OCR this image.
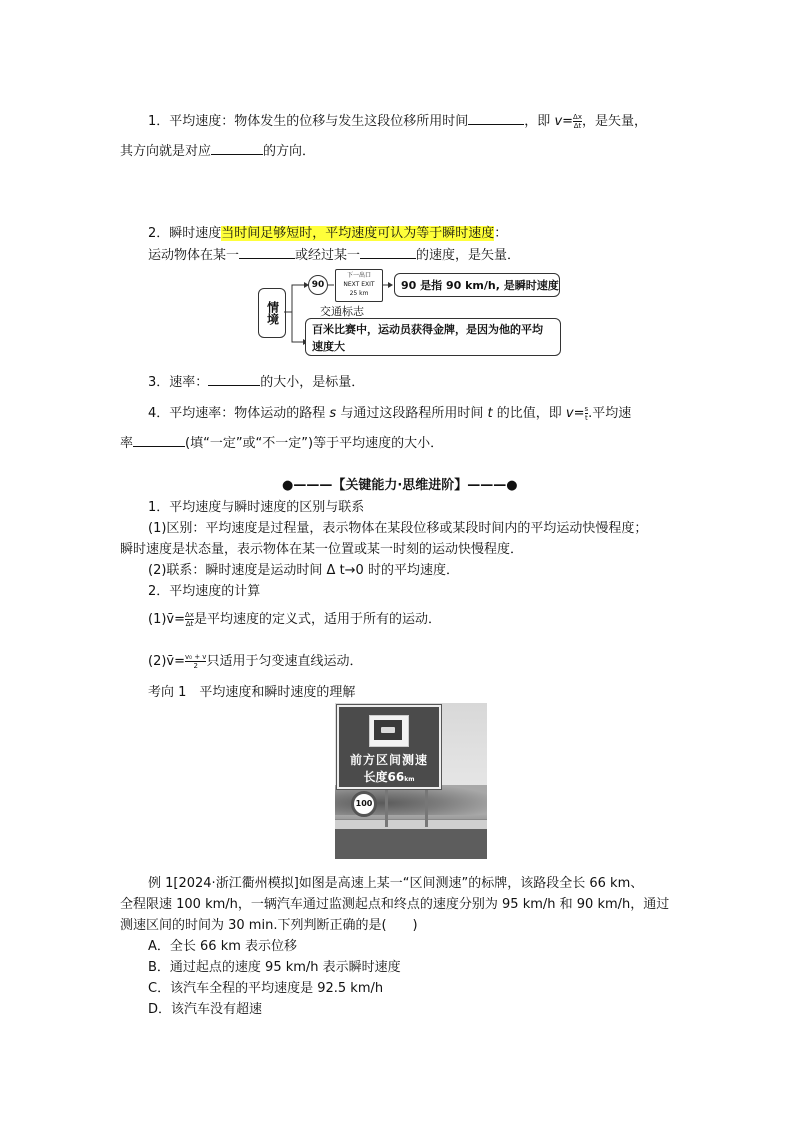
1．平均速度：物体发生的位移与发生这段位移所用时间	，即 $v= \frac{\Delta x}{\Delta t}$ ，是矢量，
其方向就是对应	的方向．
2．瞬时速度当时间足够短时，平均速度可认为等于瞬时速度：
运动物体在某一	或经过某一	的速度，是矢量．
情境
90
下一出口
NEXT EXIT
25 km
交通标志
90 是指 90 km/h, 是瞬时速度
百米比赛中，运动员获得金牌，是因为他的平均
速度大
3．速率：	的大小，是标量．
4．平均速率：物体运动的路程 s 与通过这段路程所用时间 t 的比值，即 $v= \frac{s}{t}$ .平均速
率	(填“一定”或“不一定”)等于平均速度的大小．
●———【关键能力·思维进阶】———●
1．平均速度与瞬时速度的区别与联系
(1)区别：平均速度是过程量，表示物体在某段位移或某段时间内的平均运动快慢程度；
瞬时速度是状态量，表示物体在某一位置或某一时刻的运动快慢程度．
(2)联系：瞬时速度是运动时间 Δ t→0 时的平均速度．
2．平均速度的计算
(1)v̄= $\frac{\Delta x}{\Delta t}$ 是平均速度的定义式，适用于所有的运动．
(2)v̄= $\frac{\text{v₀ + v}}{2}$ 只适用于匀变速直线运动．
考向 1　平均速度和瞬时速度的理解
前方区间测速
长度66km
100
例 1[2024·浙江衢州模拟]如图是高速上某一“区间测速”的标牌，该路段全长 66 km、
全程限速 100 km/h，一辆汽车通过监测起点和终点的速度分别为 95 km/h 和 90 km/h，通过
测速区间的时间为 30 min.下列判断正确的是(　　)
A．全长 66 km 表示位移
B．通过起点的速度 95 km/h 表示瞬时速度
C．该汽车全程的平均速度是 92.5 km/h
D．该汽车没有超速
